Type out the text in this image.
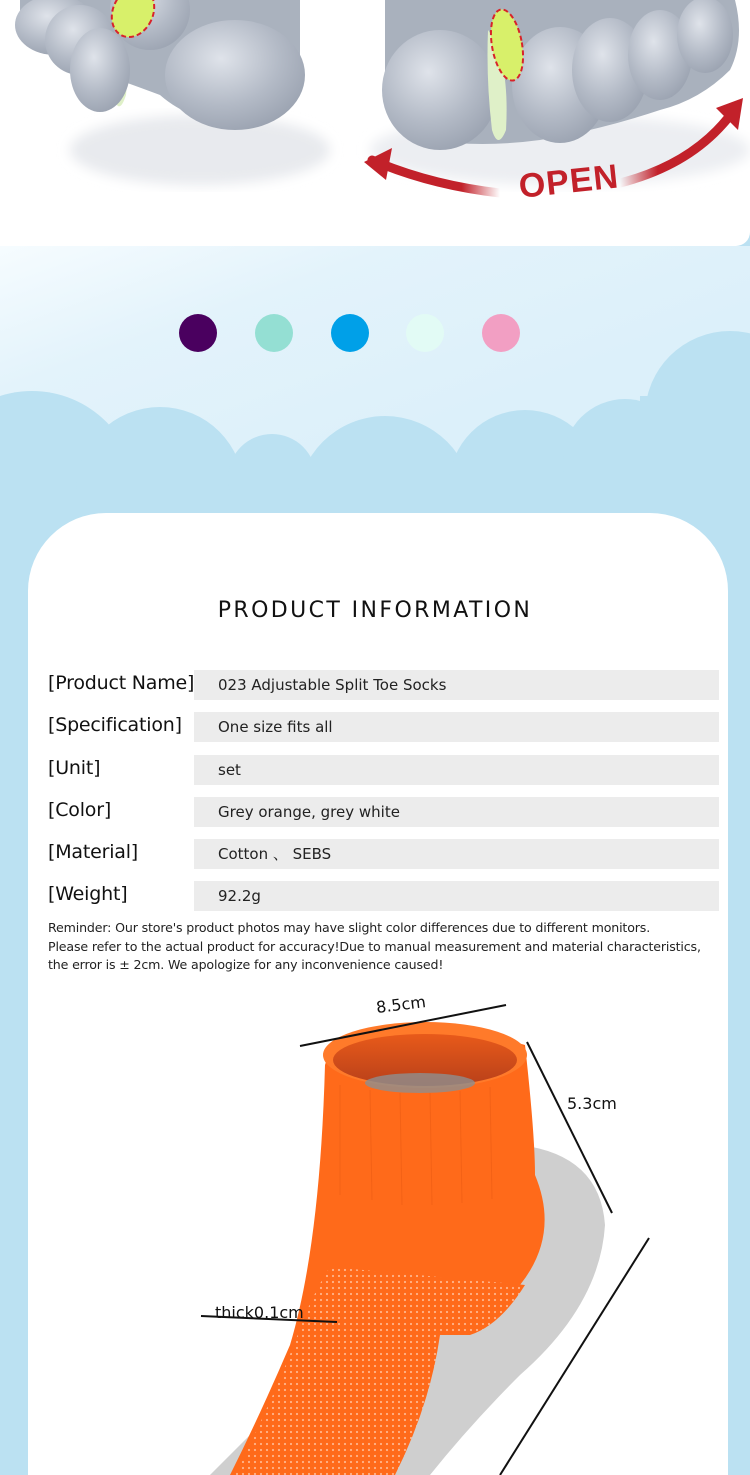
OPEN
PRODUCT INFORMATION
[Product Name]	023 Adjustable Split Toe Socks
[Specification]	One size fits all
[Unit]	set
[Color]	Grey orange, grey white
[Material]	Cotton 、 SEBS
[Weight]	92.2g
Reminder: Our store's product photos may have slight color differences due to different monitors.
Please refer to the actual product for accuracy!Due to manual measurement and material characteristics,
the error is ± 2cm. We apologize for any inconvenience caused!
8.5cm
5.3cm
thick0.1cm
